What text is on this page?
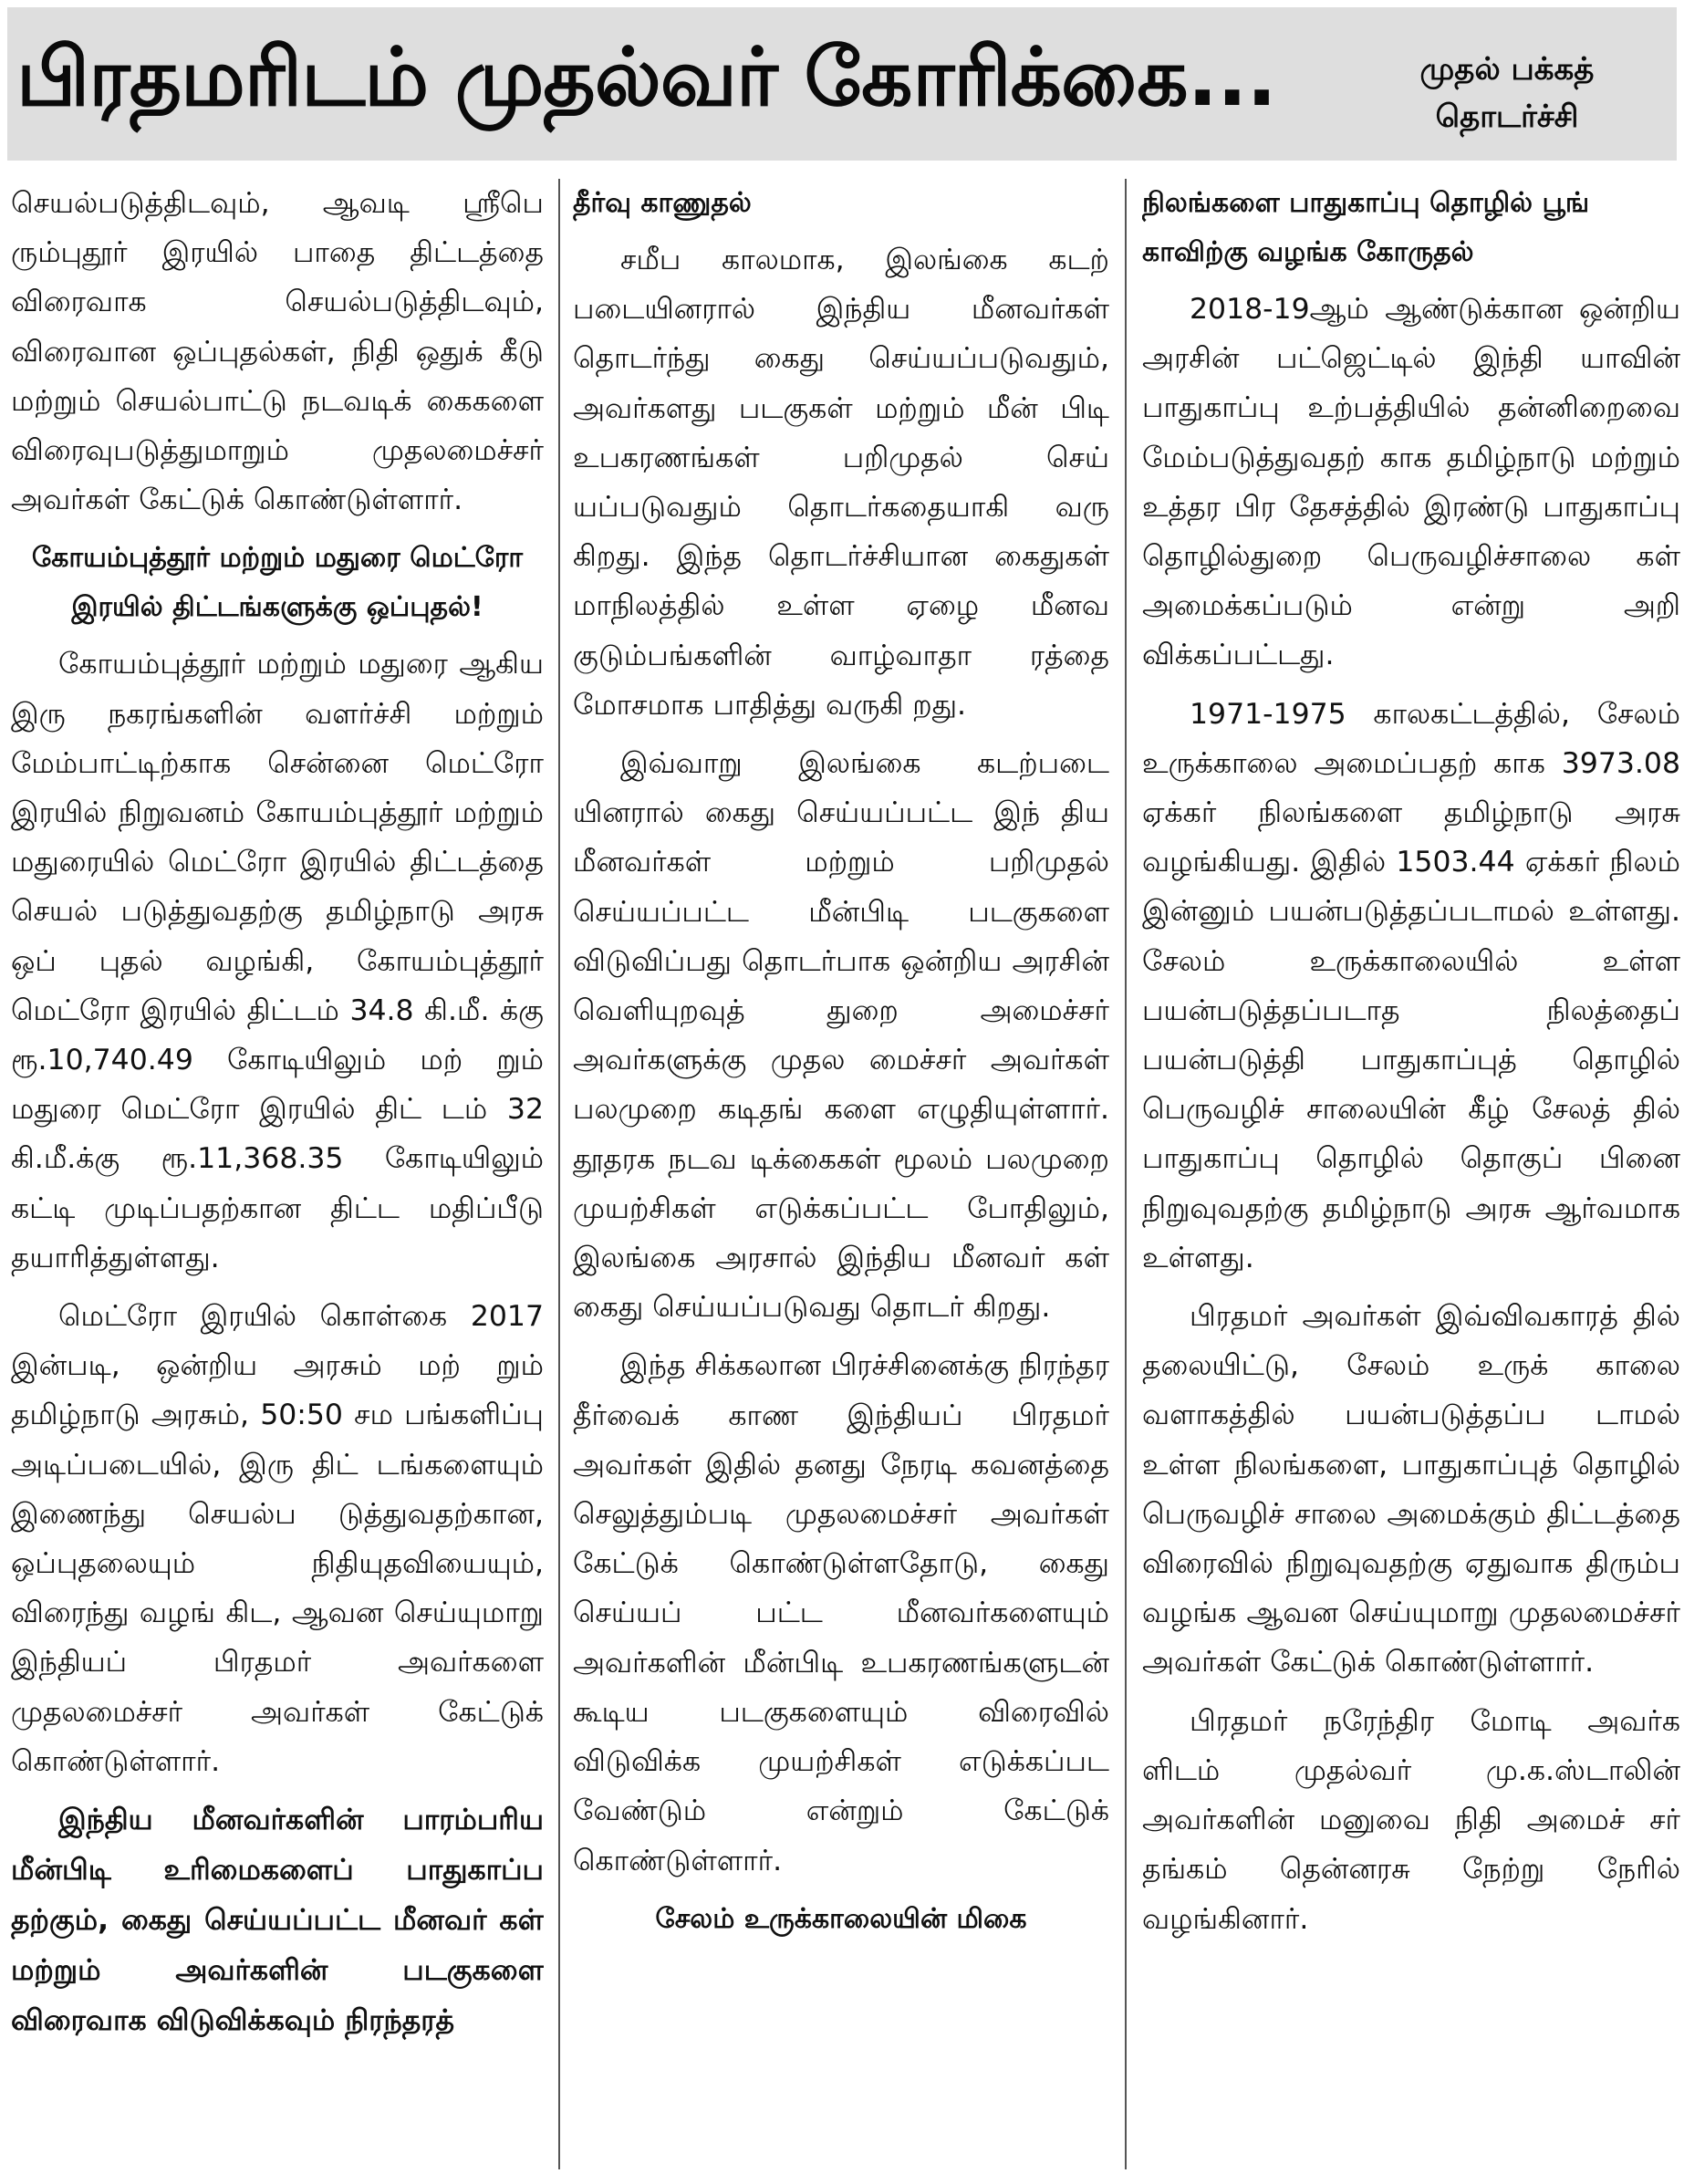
பிரதமரிடம் முதல்வர் கோரிக்கை...	முதல் பக்கத் தொடர்ச்சி

செயல்படுத்திடவும், ஆவடி ஸ்ரீபெ ரும்புதூர் இரயில் பாதை திட்டத்தை விரைவாக செயல்படுத்திடவும், விரைவான ஒப்புதல்கள், நிதி ஒதுக் கீடு மற்றும் செயல்பாட்டு நடவடிக் கைகளை விரைவுபடுத்துமாறும் முதலமைச்சர் அவர்கள் கேட்டுக் கொண்டுள்ளார்.

கோயம்புத்தூர் மற்றும் மதுரை மெட்ரோ இரயில் திட்டங்களுக்கு ஒப்புதல்!

கோயம்புத்தூர் மற்றும் மதுரை ஆகிய இரு நகரங்களின் வளர்ச்சி மற்றும் மேம்பாட்டிற்காக சென்னை மெட்ரோ இரயில் நிறுவனம் கோயம்புத்தூர் மற்றும் மதுரையில் மெட்ரோ இரயில் திட்டத்தை செயல் படுத்துவதற்கு தமிழ்நாடு அரசு ஒப் புதல் வழங்கி, கோயம்புத்தூர் மெட்ரோ இரயில் திட்டம் 34.8 கி.மீ. க்கு ரூ.10,740.49 கோடியிலும் மற் றும் மதுரை மெட்ரோ இரயில் திட் டம் 32 கி.மீ.க்கு ரூ.11,368.35 கோடியிலும் கட்டி முடிப்பதற்கான திட்ட மதிப்பீடு தயாரித்துள்ளது.

மெட்ரோ இரயில் கொள்கை 2017 இன்படி, ஒன்றிய அரசும் மற் றும் தமிழ்நாடு அரசும், 50:50 சம பங்களிப்பு அடிப்படையில், இரு திட் டங்களையும் இணைந்து செயல்ப டுத்துவதற்கான, ஒப்புதலையும் நிதியுதவியையும், விரைந்து வழங் கிட, ஆவன செய்யுமாறு இந்தியப் பிரதமர் அவர்களை முதலமைச்சர் அவர்கள் கேட்டுக் கொண்டுள்ளார்.

இந்திய மீனவர்களின் பாரம்பரிய மீன்பிடி உரிமைகளைப் பாதுகாப்ப தற்கும், கைது செய்யப்பட்ட மீனவர் கள் மற்றும் அவர்களின் படகுகளை விரைவாக விடுவிக்கவும் நிரந்தரத்
தீர்வு காணுதல்

சமீப காலமாக, இலங்கை கடற் படையினரால் இந்திய மீனவர்கள் தொடர்ந்து கைது செய்யப்படுவதும், அவர்களது படகுகள் மற்றும் மீன் பிடி உபகரணங்கள் பறிமுதல் செய் யப்படுவதும் தொடர்கதையாகி வரு கிறது. இந்த தொடர்ச்சியான கைதுகள் மாநிலத்தில் உள்ள ஏழை மீனவ குடும்பங்களின் வாழ்வாதா ரத்தை மோசமாக பாதித்து வருகி றது.

இவ்வாறு இலங்கை கடற்படை யினரால் கைது செய்யப்பட்ட இந் திய மீனவர்கள் மற்றும் பறிமுதல் செய்யப்பட்ட மீன்பிடி படகுகளை விடுவிப்பது தொடர்பாக ஒன்றிய அரசின் வெளியுறவுத் துறை அமைச்சர் அவர்களுக்கு முதல மைச்சர் அவர்கள் பலமுறை கடிதங் களை எழுதியுள்ளார். தூதரக நடவ டிக்கைகள் மூலம் பலமுறை முயற்சிகள் எடுக்கப்பட்ட போதிலும், இலங்கை அரசால் இந்திய மீனவர் கள் கைது செய்யப்படுவது தொடர் கிறது.

இந்த சிக்கலான பிரச்சினைக்கு நிரந்தர தீர்வைக் காண இந்தியப் பிரதமர் அவர்கள் இதில் தனது நேரடி கவனத்தை செலுத்தும்படி முதலமைச்சர் அவர்கள் கேட்டுக் கொண்டுள்ளதோடு, கைது செய்யப் பட்ட மீனவர்களையும் அவர்களின் மீன்பிடி உபகரணங்களுடன் கூடிய படகுகளையும் விரைவில் விடுவிக்க முயற்சிகள் எடுக்கப்பட வேண்டும் என்றும் கேட்டுக் கொண்டுள்ளார்.

சேலம் உருக்காலையின் மிகை
நிலங்களை பாதுகாப்பு தொழில் பூங் காவிற்கு வழங்க கோருதல்

2018-19ஆம் ஆண்டுக்கான ஒன்றிய அரசின் பட்ஜெட்டில் இந்தி யாவின் பாதுகாப்பு உற்பத்தியில் தன்னிறைவை மேம்படுத்துவதற் காக தமிழ்நாடு மற்றும் உத்தர பிர தேசத்தில் இரண்டு பாதுகாப்பு தொழில்துறை பெருவழிச்சாலை கள் அமைக்கப்படும் என்று அறி விக்கப்பட்டது.

1971-1975 காலகட்டத்தில், சேலம் உருக்காலை அமைப்பதற் காக 3973.08 ஏக்கர் நிலங்களை தமிழ்நாடு அரசு வழங்கியது. இதில் 1503.44 ஏக்கர் நிலம் இன்னும் பயன்படுத்தப்படாமல் உள்ளது. சேலம் உருக்காலையில் உள்ள பயன்படுத்தப்படாத நிலத்தைப் பயன்படுத்தி பாதுகாப்புத் தொழில் பெருவழிச் சாலையின் கீழ் சேலத் தில் பாதுகாப்பு தொழில் தொகுப் பினை நிறுவுவதற்கு தமிழ்நாடு அரசு ஆர்வமாக உள்ளது.

பிரதமர் அவர்கள் இவ்விவகாரத் தில் தலையிட்டு, சேலம் உருக் காலை வளாகத்தில் பயன்படுத்தப்ப டாமல் உள்ள நிலங்களை, பாதுகாப்புத் தொழில் பெருவழிச் சாலை அமைக்கும் திட்டத்தை விரைவில் நிறுவுவதற்கு ஏதுவாக திரும்ப வழங்க ஆவன செய்யுமாறு முதலமைச்சர் அவர்கள் கேட்டுக் கொண்டுள்ளார்.

பிரதமர் நரேந்திர மோடி அவர்க ளிடம் முதல்வர் மு.க.ஸ்டாலின் அவர்களின் மனுவை நிதி அமைச் சர் தங்கம் தென்னரசு நேற்று நேரில் வழங்கினார்.
